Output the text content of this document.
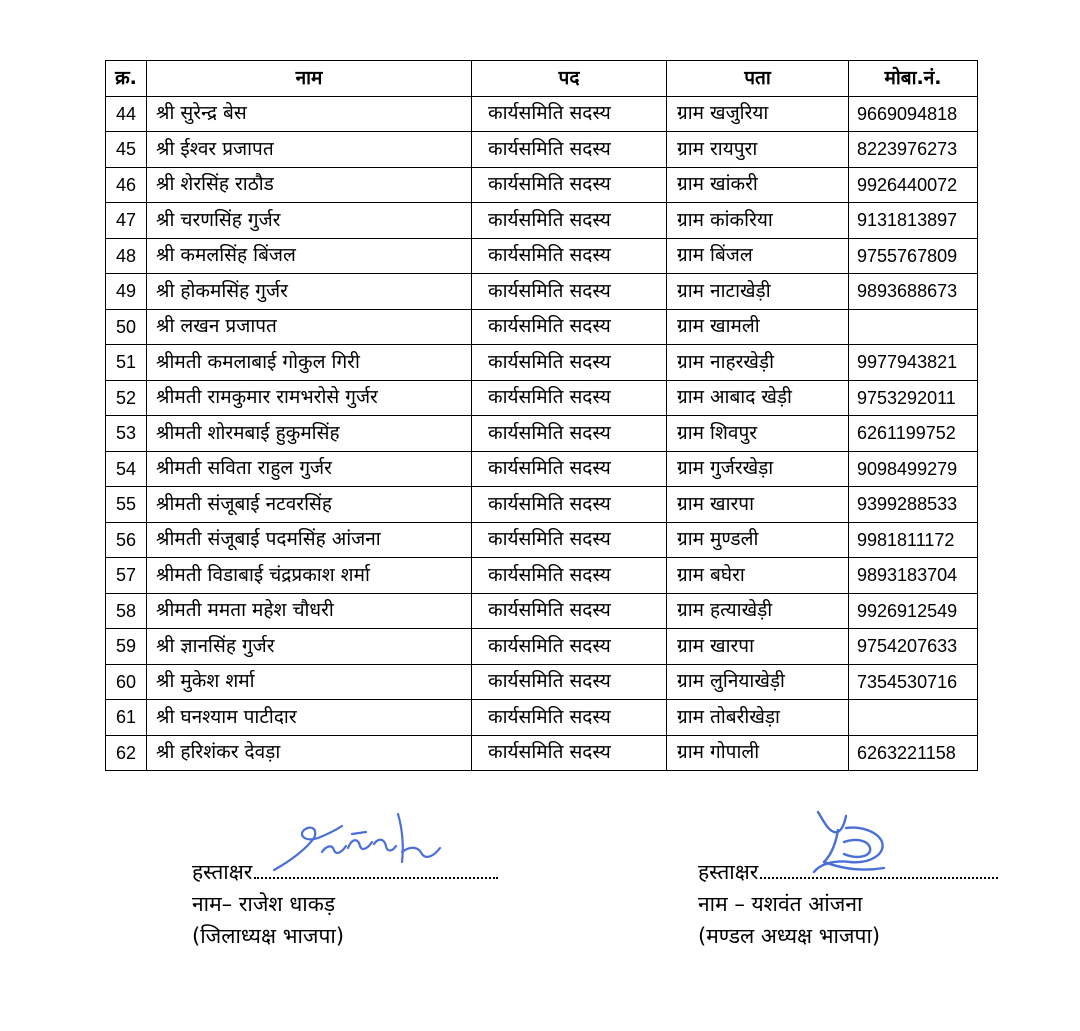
क्र.	नाम	पद	पता	मोबा.नं.
44	श्री सुरेन्द्र बेस	कार्यसमिति सदस्य	ग्राम खजुरिया	9669094818
45	श्री ईश्वर प्रजापत	कार्यसमिति सदस्य	ग्राम रायपुरा	8223976273
46	श्री शेरसिंह राठौड	कार्यसमिति सदस्य	ग्राम खांकरी	9926440072
47	श्री चरणसिंह गुर्जर	कार्यसमिति सदस्य	ग्राम कांकरिया	9131813897
48	श्री कमलसिंह बिंजल	कार्यसमिति सदस्य	ग्राम बिंजल	9755767809
49	श्री होकमसिंह गुर्जर	कार्यसमिति सदस्य	ग्राम नाटाखेड़ी	9893688673
50	श्री लखन प्रजापत	कार्यसमिति सदस्य	ग्राम खामली	
51	श्रीमती कमलाबाई गोकुल गिरी	कार्यसमिति सदस्य	ग्राम नाहरखेड़ी	9977943821
52	श्रीमती रामकुमार रामभरोसे गुर्जर	कार्यसमिति सदस्य	ग्राम आबाद खेड़ी	9753292011
53	श्रीमती शोरमबाई हुकुमसिंह	कार्यसमिति सदस्य	ग्राम शिवपुर	6261199752
54	श्रीमती सविता राहुल गुर्जर	कार्यसमिति सदस्य	ग्राम गुर्जरखेड़ा	9098499279
55	श्रीमती संजूबाई नटवरसिंह	कार्यसमिति सदस्य	ग्राम खारपा	9399288533
56	श्रीमती संजूबाई पदमसिंह आंजना	कार्यसमिति सदस्य	ग्राम मुण्डली	9981811172
57	श्रीमती विडाबाई चंद्रप्रकाश शर्मा	कार्यसमिति सदस्य	ग्राम बघेरा	9893183704
58	श्रीमती ममता महेश चौधरी	कार्यसमिति सदस्य	ग्राम हत्याखेड़ी	9926912549
59	श्री ज्ञानसिंह गुर्जर	कार्यसमिति सदस्य	ग्राम खारपा	9754207633
60	श्री मुकेश शर्मा	कार्यसमिति सदस्य	ग्राम लुनियाखेड़ी	7354530716
61	श्री घनश्याम पाटीदार	कार्यसमिति सदस्य	ग्राम तोबरीखेड़ा	
62	श्री हरिशंकर देवड़ा	कार्यसमिति सदस्य	ग्राम गोपाली	6263221158
हस्ताक्षर
नाम– राजेश धाकड़
(जिलाध्यक्ष भाजपा)
हस्ताक्षर
नाम – यशवंत आंजना
(मण्डल अध्यक्ष भाजपा)
